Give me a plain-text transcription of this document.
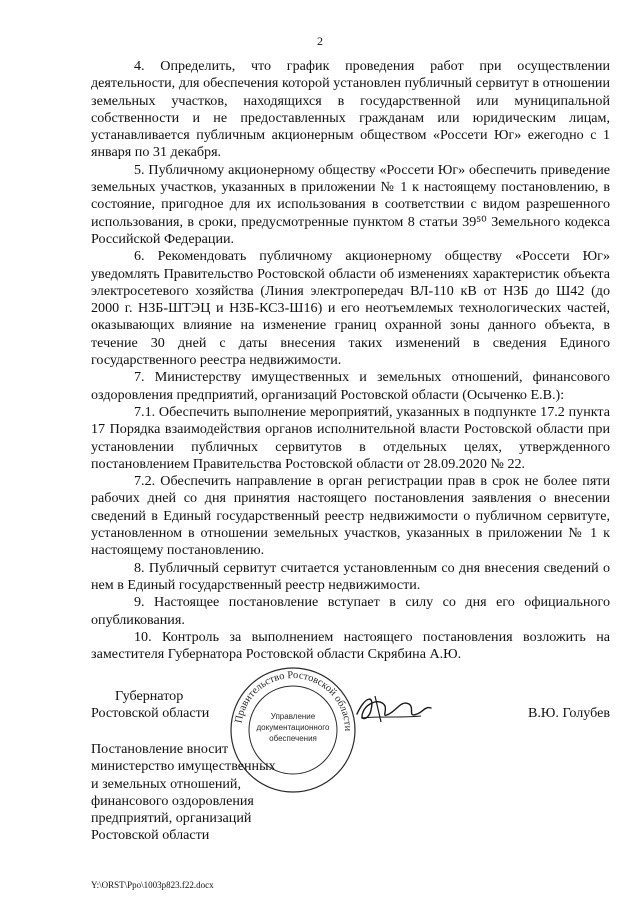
2

4. Определить, что график проведения работ при осуществлении деятельности, для обеспечения которой установлен публичный сервитут в отношении земельных участков, находящихся в государственной или муниципальной собственности и не предоставленных гражданам или юридическим лицам, устанавливается публичным акционерным обществом «Россети Юг» ежегодно с 1 января по 31 декабря.

5. Публичному акционерному обществу «Россети Юг» обеспечить приведение земельных участков, указанных в приложении № 1 к настоящему постановлению, в состояние, пригодное для их использования в соответствии с видом разрешенного использования, в сроки, предусмотренные пунктом 8 статьи 39⁵⁰ Земельного кодекса Российской Федерации.

6. Рекомендовать публичному акционерному обществу «Россети Юг» уведомлять Правительство Ростовской области об изменениях характеристик объекта электросетевого хозяйства (Линия электропередач ВЛ-110 кВ от НЗБ до Ш42 (до 2000 г. НЗБ-ШТЭЦ и НЗБ-КС3-Ш16) и его неотъемлемых технологических частей, оказывающих влияние на изменение границ охранной зоны данного объекта, в течение 30 дней с даты внесения таких изменений в сведения Единого государственного реестра недвижимости.

7. Министерству имущественных и земельных отношений, финансового оздоровления предприятий, организаций Ростовской области (Осыченко Е.В.):

7.1. Обеспечить выполнение мероприятий, указанных в подпункте 17.2 пункта 17 Порядка взаимодействия органов исполнительной власти Ростовской области при установлении публичных сервитутов в отдельных целях, утвержденного постановлением Правительства Ростовской области от 28.09.2020 № 22.

7.2. Обеспечить направление в орган регистрации прав в срок не более пяти рабочих дней со дня принятия настоящего постановления заявления о внесении сведений в Единый государственный реестр недвижимости о публичном сервитуте, установленном в отношении земельных участков, указанных в приложении № 1 к настоящему постановлению.

8. Публичный сервитут считается установленным со дня внесения сведений о нем в Единый государственный реестр недвижимости.

9. Настоящее постановление вступает в силу со дня его официального опубликования.

10. Контроль за выполнением настоящего постановления возложить на заместителя Губернатора Ростовской области Скрябина А.Ю.

Губернатор
Ростовской области	В.Ю. Голубев
Постановление вносит
министерство имущественных
и земельных отношений,
финансового оздоровления
предприятий, организаций
Ростовской области
Правительство Ростовской области
Управление
документационного
обеспечения
Y:\ORST\Ppo\1003p823.f22.docx
